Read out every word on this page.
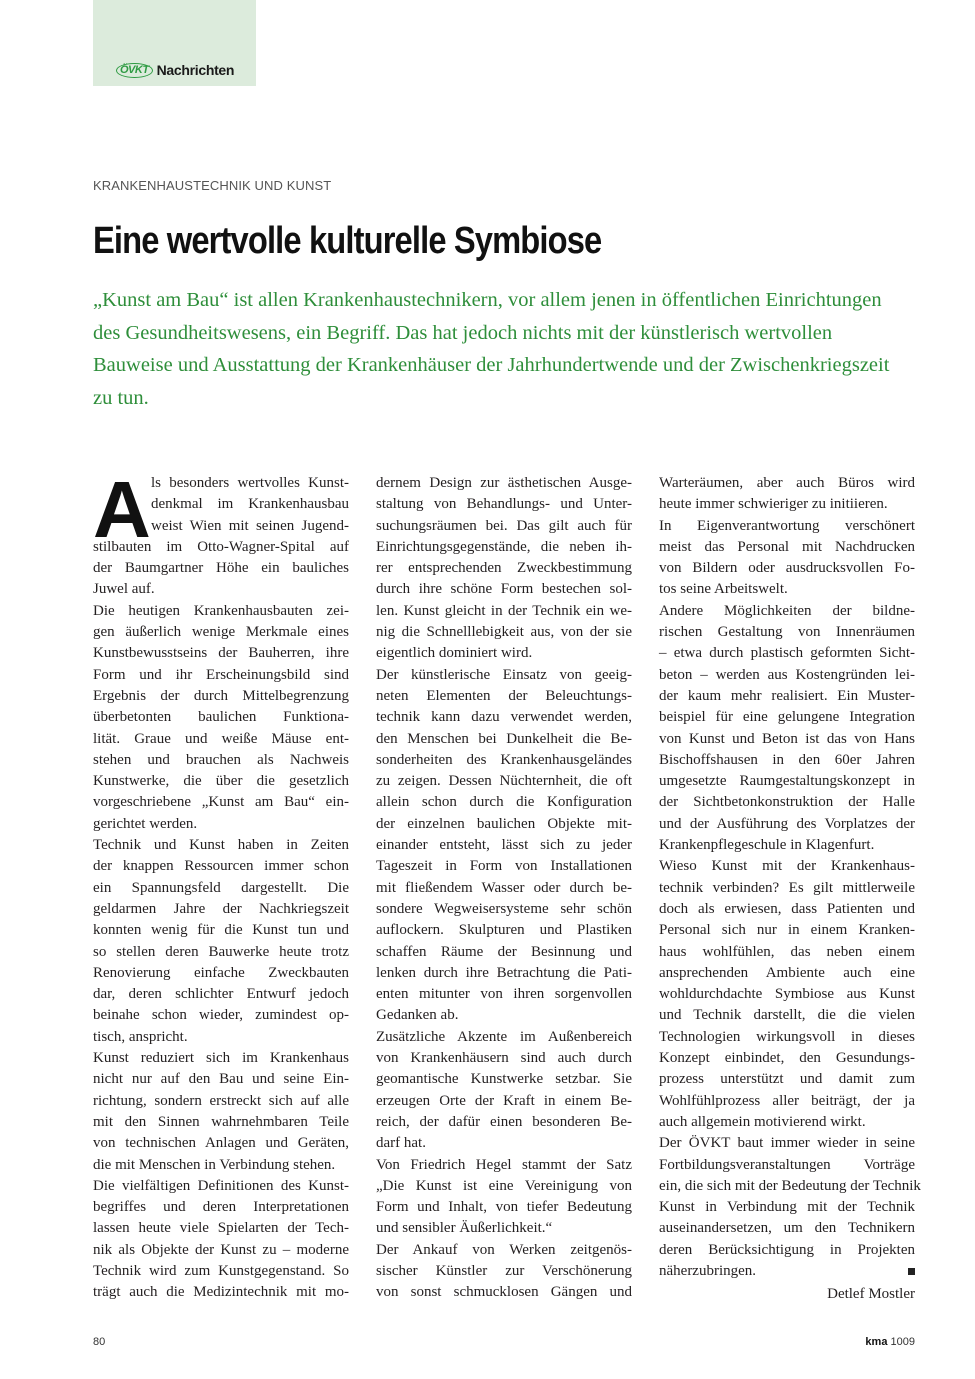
ÖVKT Nachrichten
KRANKENHAUSTECHNIK UND KUNST
Eine wertvolle kulturelle Symbiose

„Kunst am Bau“ ist allen Krankenhaustechnikern, vor allem jenen in öffentlichen Einrichtungen des Gesundheitswesens, ein Begriff. Das hat jedoch nichts mit der künstlerisch wertvollen Bauweise und Ausstattung der Krankenhäuser der Jahrhundertwende und der Zwischenkriegszeit zu tun.

A ls besonders wertvolles Kunst-
denkmal im Krankenhausbau
weist Wien mit seinen Jugend-
stilbauten im Otto-Wagner-Spital auf
der Baumgartner Höhe ein bauliches
Juwel auf.
Die heutigen Krankenhausbauten zei-
gen äußerlich wenige Merkmale eines
Kunstbewusstseins der Bauherren, ihre
Form und ihr Erscheinungsbild sind
Ergebnis der durch Mittelbegrenzung
überbetonten baulichen Funktiona-
lität. Graue und weiße Mäuse ent-
stehen und brauchen als Nachweis
Kunstwerke, die über die gesetzlich
vorgeschriebene „Kunst am Bau“ ein-
gerichtet werden.
Technik und Kunst haben in Zeiten
der knappen Ressourcen immer schon
ein Spannungsfeld dargestellt. Die
geldarmen Jahre der Nachkriegszeit
konnten wenig für die Kunst tun und
so stellen deren Bauwerke heute trotz
Renovierung einfache Zweckbauten
dar, deren schlichter Entwurf jedoch
beinahe schon wieder, zumindest op-
tisch, anspricht.
Kunst reduziert sich im Krankenhaus
nicht nur auf den Bau und seine Ein-
richtung, sondern erstreckt sich auf alle
mit den Sinnen wahrnehmbaren Teile
von technischen Anlagen und Geräten,
die mit Menschen in Verbindung stehen.
Die vielfältigen Definitionen des Kunst-
begriffes und deren Interpretationen
lassen heute viele Spielarten der Tech-
nik als Objekte der Kunst zu – moderne
Technik wird zum Kunstgegenstand. So
trägt auch die Medizintechnik mit mo-
dernem Design zur ästhetischen Ausge-
staltung von Behandlungs- und Unter-
suchungsräumen bei. Das gilt auch für
Einrichtungsgegenstände, die neben ih-
rer entsprechenden Zweckbestimmung
durch ihre schöne Form bestechen sol-
len. Kunst gleicht in der Technik ein we-
nig die Schnelllebigkeit aus, von der sie
eigentlich dominiert wird.
Der künstlerische Einsatz von geeig-
neten Elementen der Beleuchtungs-
technik kann dazu verwendet werden,
den Menschen bei Dunkelheit die Be-
sonderheiten des Krankenhausgeländes
zu zeigen. Dessen Nüchternheit, die oft
allein schon durch die Konfiguration
der einzelnen baulichen Objekte mit-
einander entsteht, lässt sich zu jeder
Tageszeit in Form von Installationen
mit fließendem Wasser oder durch be-
sondere Wegweisersysteme sehr schön
auflockern. Skulpturen und Plastiken
schaffen Räume der Besinnung und
lenken durch ihre Betrachtung die Pati-
enten mitunter von ihren sorgenvollen
Gedanken ab.
Zusätzliche Akzente im Außenbereich
von Krankenhäusern sind auch durch
geomantische Kunstwerke setzbar. Sie
erzeugen Orte der Kraft in einem Be-
reich, der dafür einen besonderen Be-
darf hat.
Von Friedrich Hegel stammt der Satz
„Die Kunst ist eine Vereinigung von
Form und Inhalt, von tiefer Bedeutung
und sensibler Äußerlichkeit.“
Der Ankauf von Werken zeitgenös-
sischer Künstler zur Verschönerung
von sonst schmucklosen Gängen und
Warteräumen, aber auch Büros wird
heute immer schwieriger zu initiieren.
In Eigenverantwortung verschönert
meist das Personal mit Nachdrucken
von Bildern oder ausdrucksvollen Fo-
tos seine Arbeitswelt.
Andere Möglichkeiten der bildne-
rischen Gestaltung von Innenräumen
– etwa durch plastisch geformten Sicht-
beton – werden aus Kostengründen lei-
der kaum mehr realisiert. Ein Muster-
beispiel für eine gelungene Integration
von Kunst und Beton ist das von Hans
Bischoffshausen in den 60er Jahren
umgesetzte Raumgestaltungskonzept in
der Sichtbetonkonstruktion der Halle
und der Ausführung des Vorplatzes der
Krankenpflegeschule in Klagenfurt.
Wieso Kunst mit der Krankenhaus-
technik verbinden? Es gilt mittlerweile
doch als erwiesen, dass Patienten und
Personal sich nur in einem Kranken-
haus wohlfühlen, das neben einem
ansprechenden Ambiente auch eine
wohldurchdachte Symbiose aus Kunst
und Technik darstellt, die die vielen
Technologien wirkungsvoll in dieses
Konzept einbindet, den Gesundungs-
prozess unterstützt und damit zum
Wohlfühlprozess aller beiträgt, der ja
auch allgemein motivierend wirkt.
Der ÖVKT baut immer wieder in seine
Fortbildungsveranstaltungen Vorträge
ein, die sich mit der Bedeutung der Technik
Kunst in Verbindung mit der Technik
auseinandersetzen, um den Technikern
deren Berücksichtigung in Projekten
näherzubringen.
Detlef Mostler
80	kma 1009
